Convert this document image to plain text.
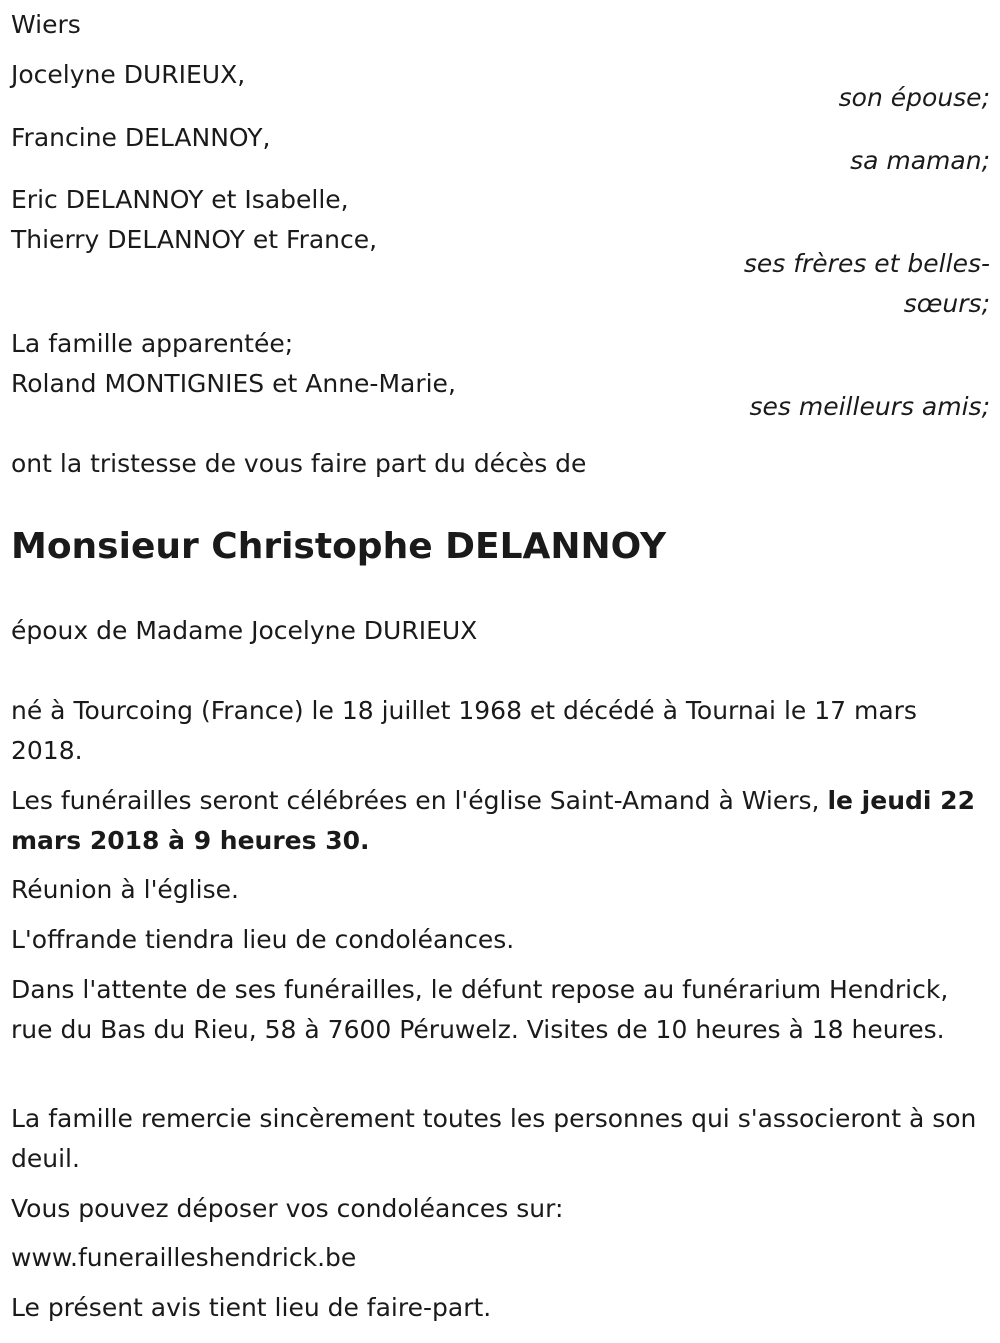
Wiers
Jocelyne DURIEUX,
son épouse;
Francine DELANNOY,
sa maman;
Eric DELANNOY et Isabelle,
Thierry DELANNOY et France,
ses frères et belles-
sœurs;
La famille apparentée;
Roland MONTIGNIES et Anne-Marie,
ses meilleurs amis;
ont la tristesse de vous faire part du décès de
Monsieur Christophe DELANNOY
époux de Madame Jocelyne DURIEUX
né à Tourcoing (France) le 18 juillet 1968 et décédé à Tournai le 17 mars 2018.
Les funérailles seront célébrées en l'église Saint-Amand à Wiers, le jeudi 22 mars 2018 à 9 heures 30.
Réunion à l'église.
L'offrande tiendra lieu de condoléances.
Dans l'attente de ses funérailles, le défunt repose au funérarium Hendrick, rue du Bas du Rieu, 58 à 7600 Péruwelz. Visites de 10 heures à 18 heures.
La famille remercie sincèrement toutes les personnes qui s'associeront à son deuil.
Vous pouvez déposer vos condoléances sur:
www.funerailleshendrick.be
Le présent avis tient lieu de faire-part.
